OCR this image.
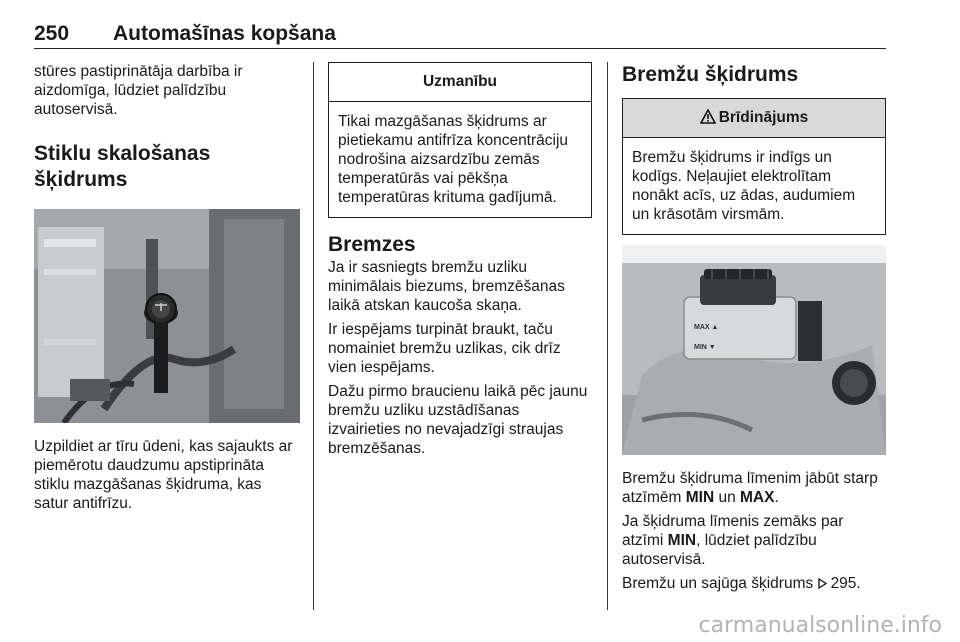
250 Automašīnas kopšana

stūres pastiprinātāja darbība ir
aizdomīga, lūdziet palīdzību
autoservisā.

Stiklu skalošanas šķidrums

Uzpildiet ar tīru ūdeni, kas sajaukts ar
piemērotu daudzumu apstiprināta
stiklu mazgāšanas šķidruma, kas
satur antifrīzu.

Uzmanību

Tikai mazgāšanas šķidrums ar
pietiekamu antifrīza koncentrāciju
nodrošina aizsardzību zemās
temperatūrās vai pēkšņa
temperatūras krituma gadījumā.

Bremzes

Ja ir sasniegts bremžu uzliku
minimālais biezums, bremzēšanas
laikā atskan kaucoša skaņa.

Ir iespējams turpināt braukt, taču
nomainiet bremžu uzlikas, cik drīz
vien iespējams.

Dažu pirmo braucienu laikā pēc jaunu
bremžu uzliku uzstādīšanas
izvairieties no nevajadzīgi straujas
bremzēšanas.

Bremžu šķidrums
Brīdinājums

Bremžu šķidrums ir indīgs un
kodīgs. Neļaujiet elektrolītam
nonākt acīs, uz ādas, audumiem
un krāsotām virsmām.

MAX ▲
MIN ▼

Bremžu šķidruma līmenim jābūt starp
atzīmēm MIN un MAX.

Ja šķidruma līmenis zemāks par
atzīmi MIN, lūdziet palīdzību
autoservisā.

Bremžu un sajūga šķidrums 295.

carmanualsonline.info
